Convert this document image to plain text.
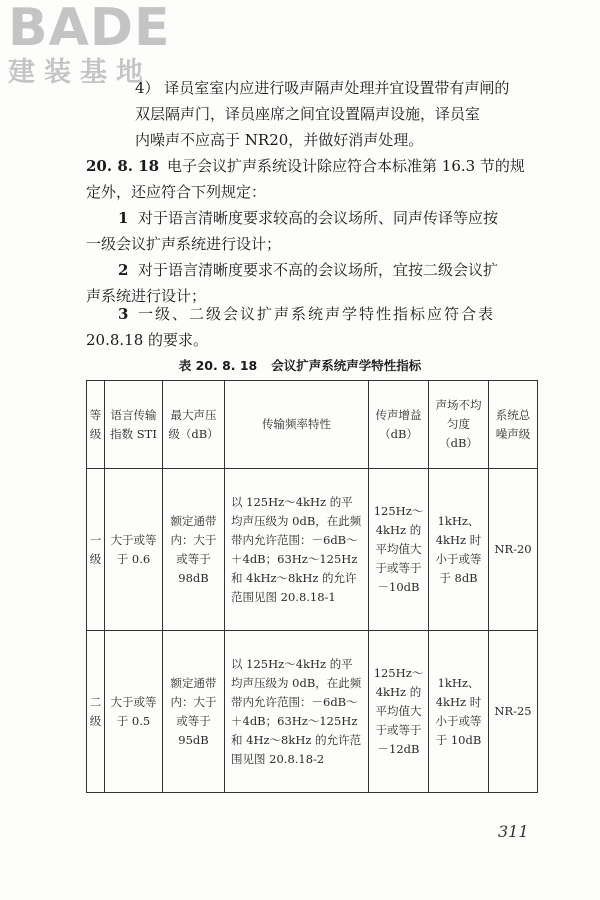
BADE
建装基地
4） 译员室室内应进行吸声隔声处理并宜设置带有声闸的
双层隔声门，译员座席之间宜设置隔声设施，译员室
内噪声不应高于 NR20，并做好消声处理。
20. 8. 18 电子会议扩声系统设计除应符合本标准第 16.3 节的规
定外，还应符合下列规定：
1 对于语言清晰度要求较高的会议场所、同声传译等应按
一级会议扩声系统进行设计；
2 对于语言清晰度要求不高的会议场所，宜按二级会议扩
声系统进行设计；
3 一级、二级会议扩声系统声学特性指标应符合表
20.8.18 的要求。
表 20. 8. 18 会议扩声系统声学特性指标
等级	语言传输指数 STI	最大声压级（dB）	传输频率特性	传声增益（dB）	声场不均匀度（dB）	系统总噪声级
一级	大于或等于 0.6	额定通带内：大于或等于 98dB	以 125Hz～4kHz 的平均声压级为 0dB，在此频带内允许范围：－6dB～＋4dB；63Hz～125Hz 和 4kHz～8kHz 的允许范围见图 20.8.18-1	125Hz～4kHz 的平均值大于或等于－10dB	1kHz、4kHz 时小于或等于 8dB	NR-20
二级	大于或等于 0.5	额定通带内：大于或等于 95dB	以 125Hz～4kHz 的平均声压级为 0dB，在此频带内允许范围：－6dB～＋4dB；63Hz～125Hz 和 4Hz～8kHz 的允许范围见图 20.8.18-2	125Hz～4kHz 的平均值大于或等于－12dB	1kHz、4kHz 时小于或等于 10dB	NR-25
311
